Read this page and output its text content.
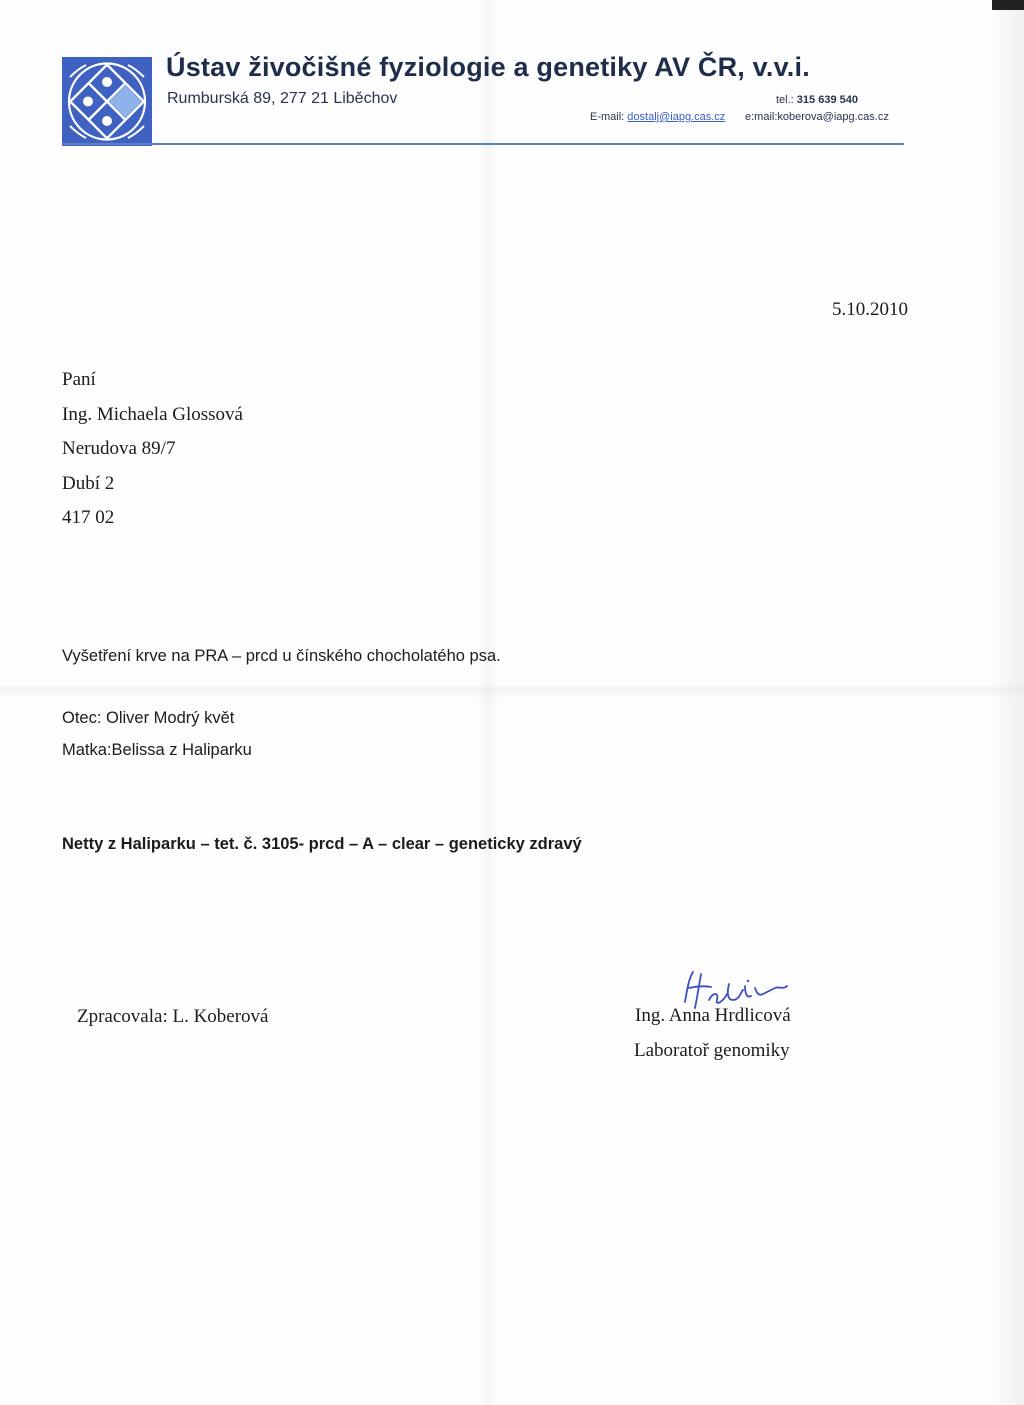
Ústav živočišné fyziologie a genetiky AV ČR, v.v.i.
Rumburská 89, 277 21 Liběchov	tel.: 315 639 540
E-mail: dostalj@iapg.cas.cz e:mail:koberova@iapg.cas.cz
5.10.2010
Paní
Ing. Michaela Glossová
Nerudova 89/7
Dubí 2
417 02
Vyšetření krve na PRA – prcd u čínského chocholatého psa.
Otec: Oliver Modrý květ
Matka:Belissa z Haliparku
Netty z Haliparku – tet. č. 3105- prcd – A – clear – geneticky zdravý
Zpracovala: L. Koberová	Ing. Anna Hrdlicová
Laboratoř genomiky
